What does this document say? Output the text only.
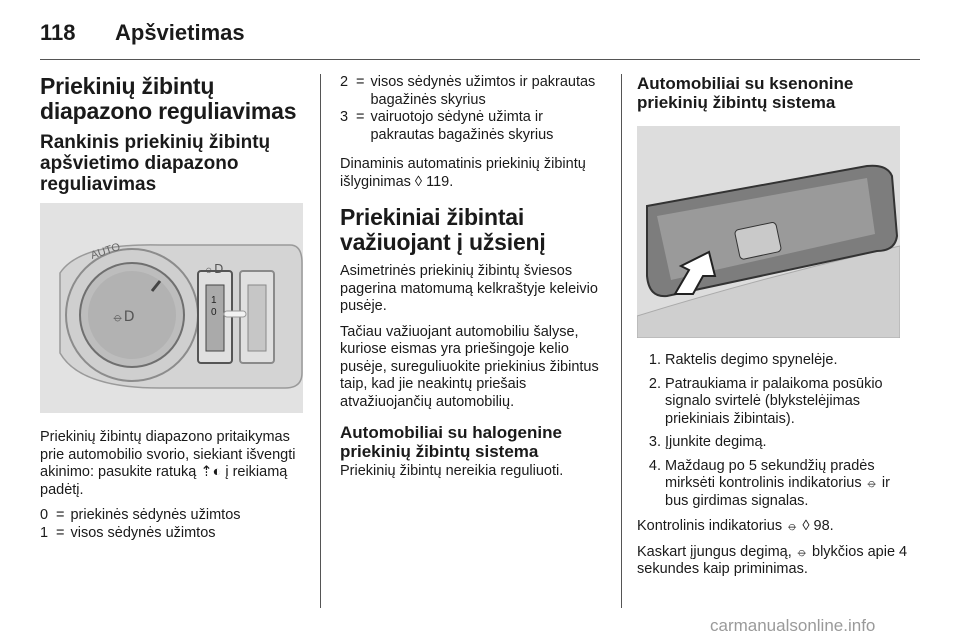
118 Apšvietimas
Priekinių žibintų diapazono reguliavimas
Rankinis priekinių žibintų apšvietimo diapazono reguliavimas
⦵D
AUTO
1
0
⦵D

Priekinių žibintų diapazono pritaikymas prie automobilio svorio, siekiant išvengti akinimo: pasukite ratuką ⇡◐ į reikiamą padėtį.

0 = priekinės sėdynės užimtos
1 = visos sėdynės užimtos
2 = visos sėdynės užimtos ir pakrautas bagažinės skyrius
3 = vairuotojo sėdynė užimta ir pakrautas bagažinės skyrius

Dinaminis automatinis priekinių žibintų išlyginimas ◊ 119.

Priekiniai žibintai važiuojant į užsienį

Asimetrinės priekinių žibintų šviesos pagerina matomumą kelkraštyje keleivio pusėje.

Tačiau važiuojant automobiliu šalyse, kuriose eismas yra priešingoje kelio pusėje, sureguliuokite priekinius žibintus taip, kad jie neakintų priešais atvažiuojančių automobilių.

Automobiliai su halogenine priekinių žibintų sistema

Priekinių žibintų nereikia reguliuoti.

Automobiliai su ksenonine priekinių žibintų sistema
1. Raktelis degimo spynelėje.
2. Patraukiama ir palaikoma posūkio signalo svirtelė (blykstelėjimas priekiniais žibintais).
3. Įjunkite degimą.
4. Maždaug po 5 sekundžių pradės mirksėti kontrolinis indikatorius ⦵ ir bus girdimas signalas.

Kontrolinis indikatorius ⦵ ◊ 98.

Kaskart įjungus degimą, ⦵ blykčios apie 4 sekundes kaip priminimas.

carmanualsonline.info
